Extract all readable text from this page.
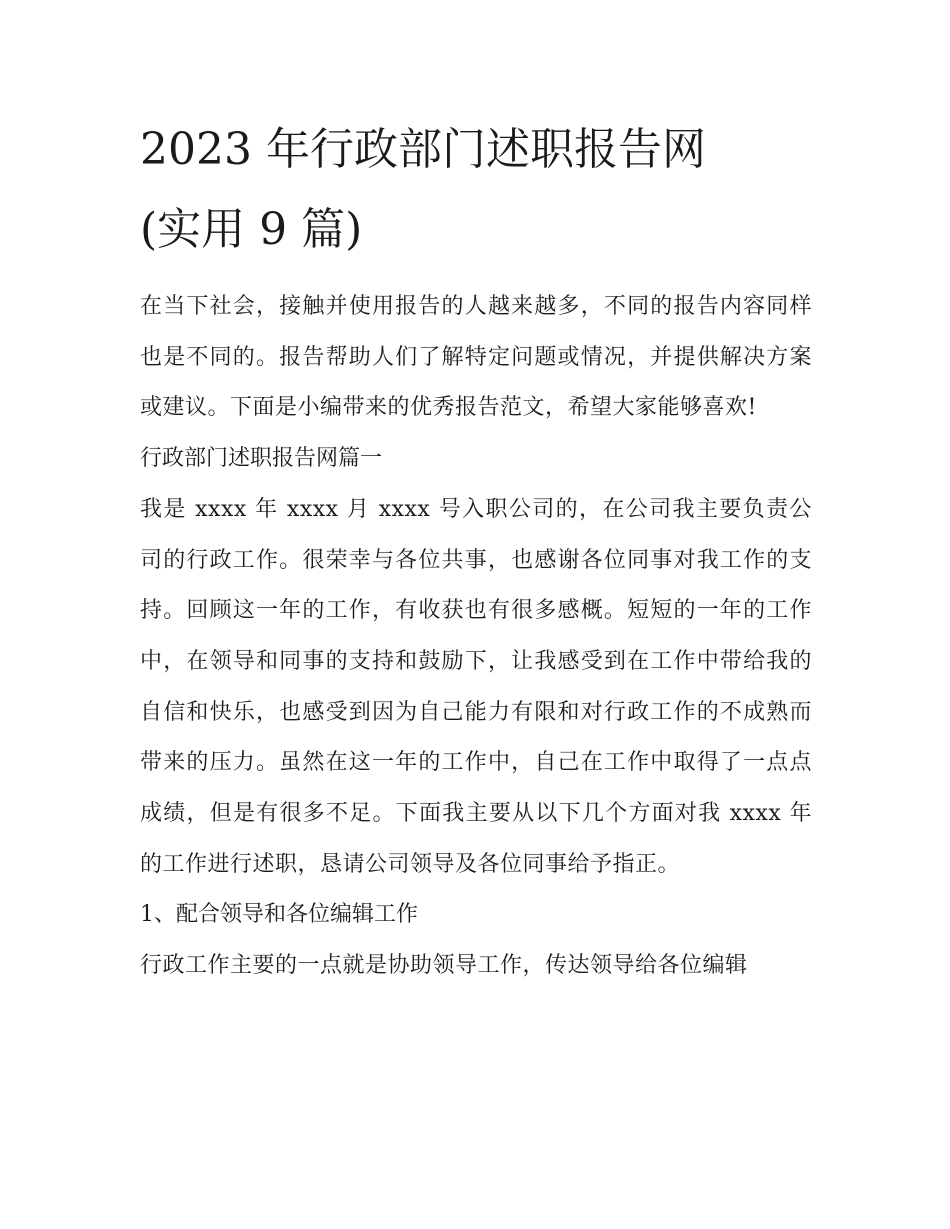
2023 年行政部门述职报告网
(实用 9 篇)

在当下社会，接触并使用报告的人越来越多，不同的报告内容同样也是不同的。报告帮助人们了解特定问题或情况，并提供解决方案或建议。下面是小编带来的优秀报告范文，希望大家能够喜欢!

行政部门述职报告网篇一

我是 xxxx 年 xxxx 月 xxxx 号入职公司的，在公司我主要负责公司的行政工作。很荣幸与各位共事，也感谢各位同事对我工作的支持。回顾这一年的工作，有收获也有很多感概。短短的一年的工作中，在领导和同事的支持和鼓励下，让我感受到在工作中带给我的自信和快乐，也感受到因为自己能力有限和对行政工作的不成熟而带来的压力。虽然在这一年的工作中，自己在工作中取得了一点点成绩，但是有很多不足。下面我主要从以下几个方面对我 xxxx 年的工作进行述职，恳请公司领导及各位同事给予指正。

1、配合领导和各位编辑工作

行政工作主要的一点就是协助领导工作，传达领导给各位编辑
